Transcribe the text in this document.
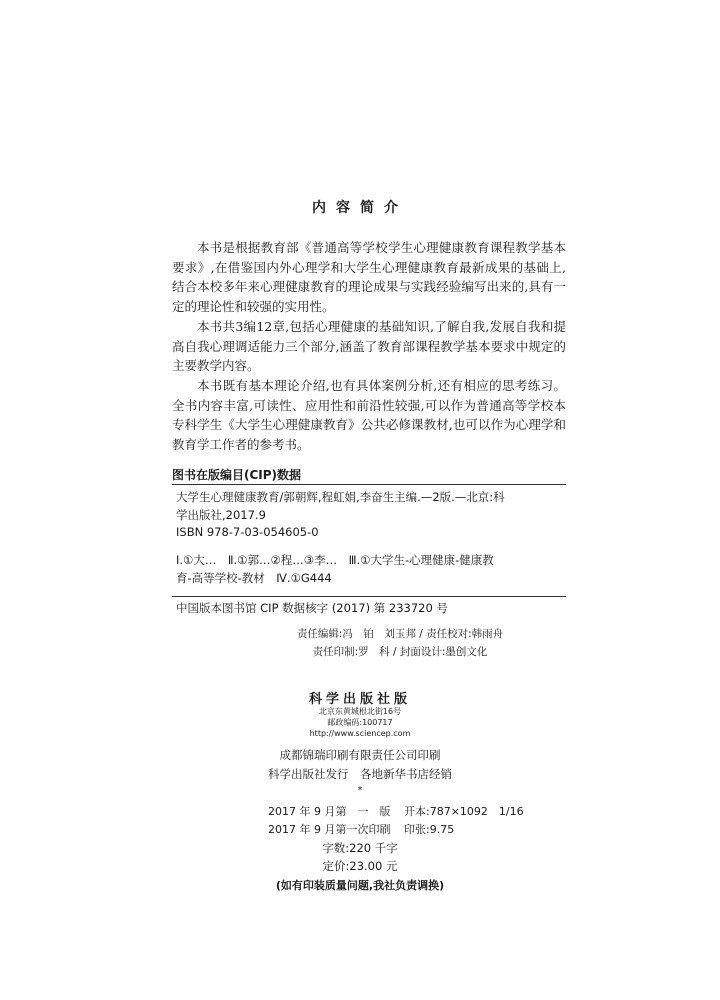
内容简介

本书是根据教育部《普通高等学校学生心理健康教育课程教学基本要求》,在借鉴国内外心理学和大学生心理健康教育最新成果的基础上,结合本校多年来心理健康教育的理论成果与实践经验编写出来的,具有一定的理论性和较强的实用性。

本书共3编12章,包括心理健康的基础知识,了解自我,发展自我和提高自我心理调适能力三个部分,涵盖了教育部课程教学基本要求中规定的主要教学内容。

本书既有基本理论介绍,也有具体案例分析,还有相应的思考练习。全书内容丰富,可读性、应用性和前沿性较强,可以作为普通高等学校本专科学生《大学生心理健康教育》公共必修课教材,也可以作为心理学和教育学工作者的参考书。

图书在版编目(CIP)数据
大学生心理健康教育/郭朝辉,程虹娟,李奋生主编.—2版.—北京:科
学出版社,2017.9
ISBN 978-7-03-054605-0
Ⅰ.①大…　Ⅱ.①郭…②程…③李…　Ⅲ.①大学生-心理健康-健康教
育-高等学校-教材　Ⅳ.①G444
中国版本图书馆 CIP 数据核字 (2017) 第 233720 号
责任编辑:冯　铂　刘玉邦 / 责任校对:韩雨舟
责任印制:罗　科 / 封面设计:墨创文化
科学出版社版
北京东黄城根北街16号
邮政编码:100717
http://www.sciencep.com
成都锦瑞印刷有限责任公司印刷
科学出版社发行　各地新华书店经销
*
2017 年 9 月第　一　版 开本:787×1092　1/16
2017 年 9 月第一次印刷 印张:9.75
字数:220 千字
定价:23.00 元
(如有印装质量问题,我社负责调换)
